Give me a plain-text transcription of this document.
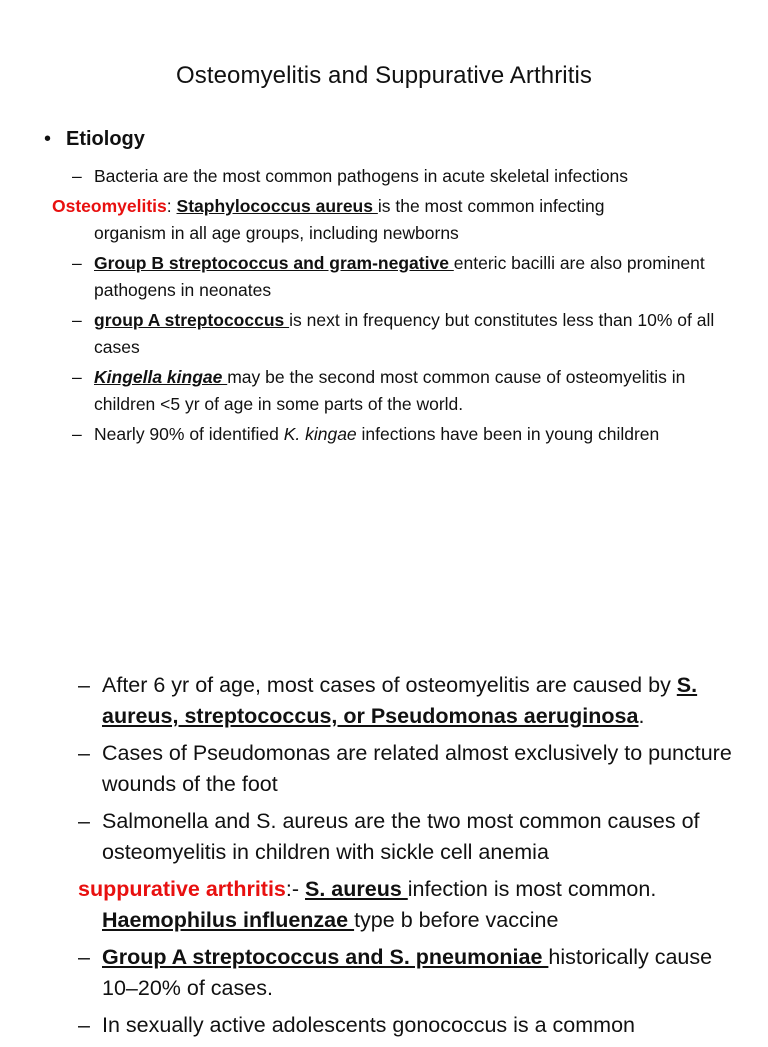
Osteomyelitis and Suppurative Arthritis
• Etiology
– Bacteria are the most common pathogens in acute skeletal infections
Osteomyelitis: Staphylococcus aureus is the most common infecting
organism in all age groups, including newborns
– Group B streptococcus and gram-negative enteric bacilli are also prominent pathogens in neonates
– group A streptococcus is next in frequency but constitutes less than 10% of all cases
– Kingella kingae may be the second most common cause of osteomyelitis in children <5 yr of age in some parts of the world.
– Nearly 90% of identified K. kingae infections have been in young children
– After 6 yr of age, most cases of osteomyelitis are caused by S. aureus, streptococcus, or Pseudomonas aeruginosa.
– Cases of Pseudomonas are related almost exclusively to puncture wounds of the foot
– Salmonella and S. aureus are the two most common causes of osteomyelitis in children with sickle cell anemia
suppurative arthritis:- S. aureus infection is most common.
Haemophilus influenzae type b before vaccine
– Group A streptococcus and S. pneumoniae historically cause 10–20% of cases.
– In sexually active adolescents gonococcus is a common
